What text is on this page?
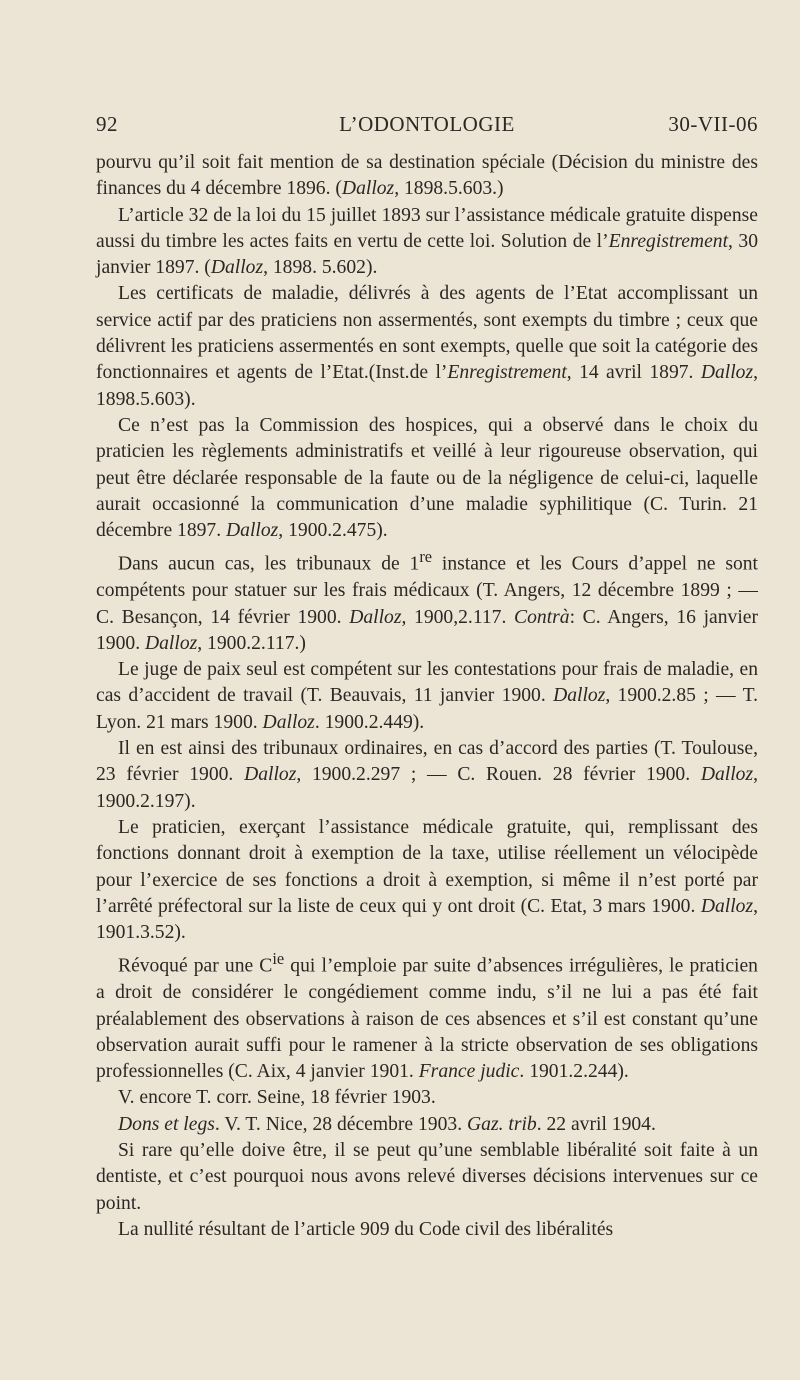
92	L’ODONTOLOGIE	30-VII-06

pourvu qu’il soit fait mention de sa destination spéciale (Décision du ministre des finances du 4 décembre 1896. (Dalloz, 1898.5.603.)

L’article 32 de la loi du 15 juillet 1893 sur l’assistance médicale gratuite dispense aussi du timbre les actes faits en vertu de cette loi. Solution de l’Enregistrement, 30 janvier 1897. (Dalloz, 1898. 5.602).

Les certificats de maladie, délivrés à des agents de l’Etat accomplissant un service actif par des praticiens non assermentés, sont exempts du timbre ; ceux que délivrent les praticiens assermentés en sont exempts, quelle que soit la catégorie des fonctionnaires et agents de l’Etat.(Inst.de l’Enregistrement, 14 avril 1897. Dalloz, 1898.5.603).

Ce n’est pas la Commission des hospices, qui a observé dans le choix du praticien les règlements administratifs et veillé à leur rigoureuse observation, qui peut être déclarée responsable de la faute ou de la négligence de celui-ci, laquelle aurait occasionné la communication d’une maladie syphilitique (C. Turin. 21 décembre 1897. Dalloz, 1900.2.475).

Dans aucun cas, les tribunaux de 1re instance et les Cours d’appel ne sont compétents pour statuer sur les frais médicaux (T. Angers, 12 décembre 1899 ; — C. Besançon, 14 février 1900. Dalloz, 1900,2.117. Contrà: C. Angers, 16 janvier 1900. Dalloz, 1900.2.117.)

Le juge de paix seul est compétent sur les contestations pour frais de maladie, en cas d’accident de travail (T. Beauvais, 11 janvier 1900. Dalloz, 1900.2.85 ; — T. Lyon. 21 mars 1900. Dalloz. 1900.2.449).

Il en est ainsi des tribunaux ordinaires, en cas d’accord des parties (T. Toulouse, 23 février 1900. Dalloz, 1900.2.297 ; — C. Rouen. 28 février 1900. Dalloz, 1900.2.197).

Le praticien, exerçant l’assistance médicale gratuite, qui, remplissant des fonctions donnant droit à exemption de la taxe, utilise réellement un vélocipède pour l’exercice de ses fonctions a droit à exemption, si même il n’est porté par l’arrêté préfectoral sur la liste de ceux qui y ont droit (C. Etat, 3 mars 1900. Dalloz, 1901.3.52).

Révoqué par une $C^{ie}$ qui l’emploie par suite d’absences irrégulières, le praticien a droit de considérer le congédiement comme indu, s’il ne lui a pas été fait préalablement des observations à raison de ces absences et s’il est constant qu’une observation aurait suffi pour le ramener à la stricte observation de ses obligations professionnelles (C. Aix, 4 janvier 1901. France judic. 1901.2.244).

V. encore T. corr. Seine, 18 février 1903.

Dons et legs. V. T. Nice, 28 décembre 1903. Gaz. trib. 22 avril 1904.

Si rare qu’elle doive être, il se peut qu’une semblable libéralité soit faite à un dentiste, et c’est pourquoi nous avons relevé diverses décisions intervenues sur ce point.

La nullité résultant de l’article 909 du Code civil des libéralités
